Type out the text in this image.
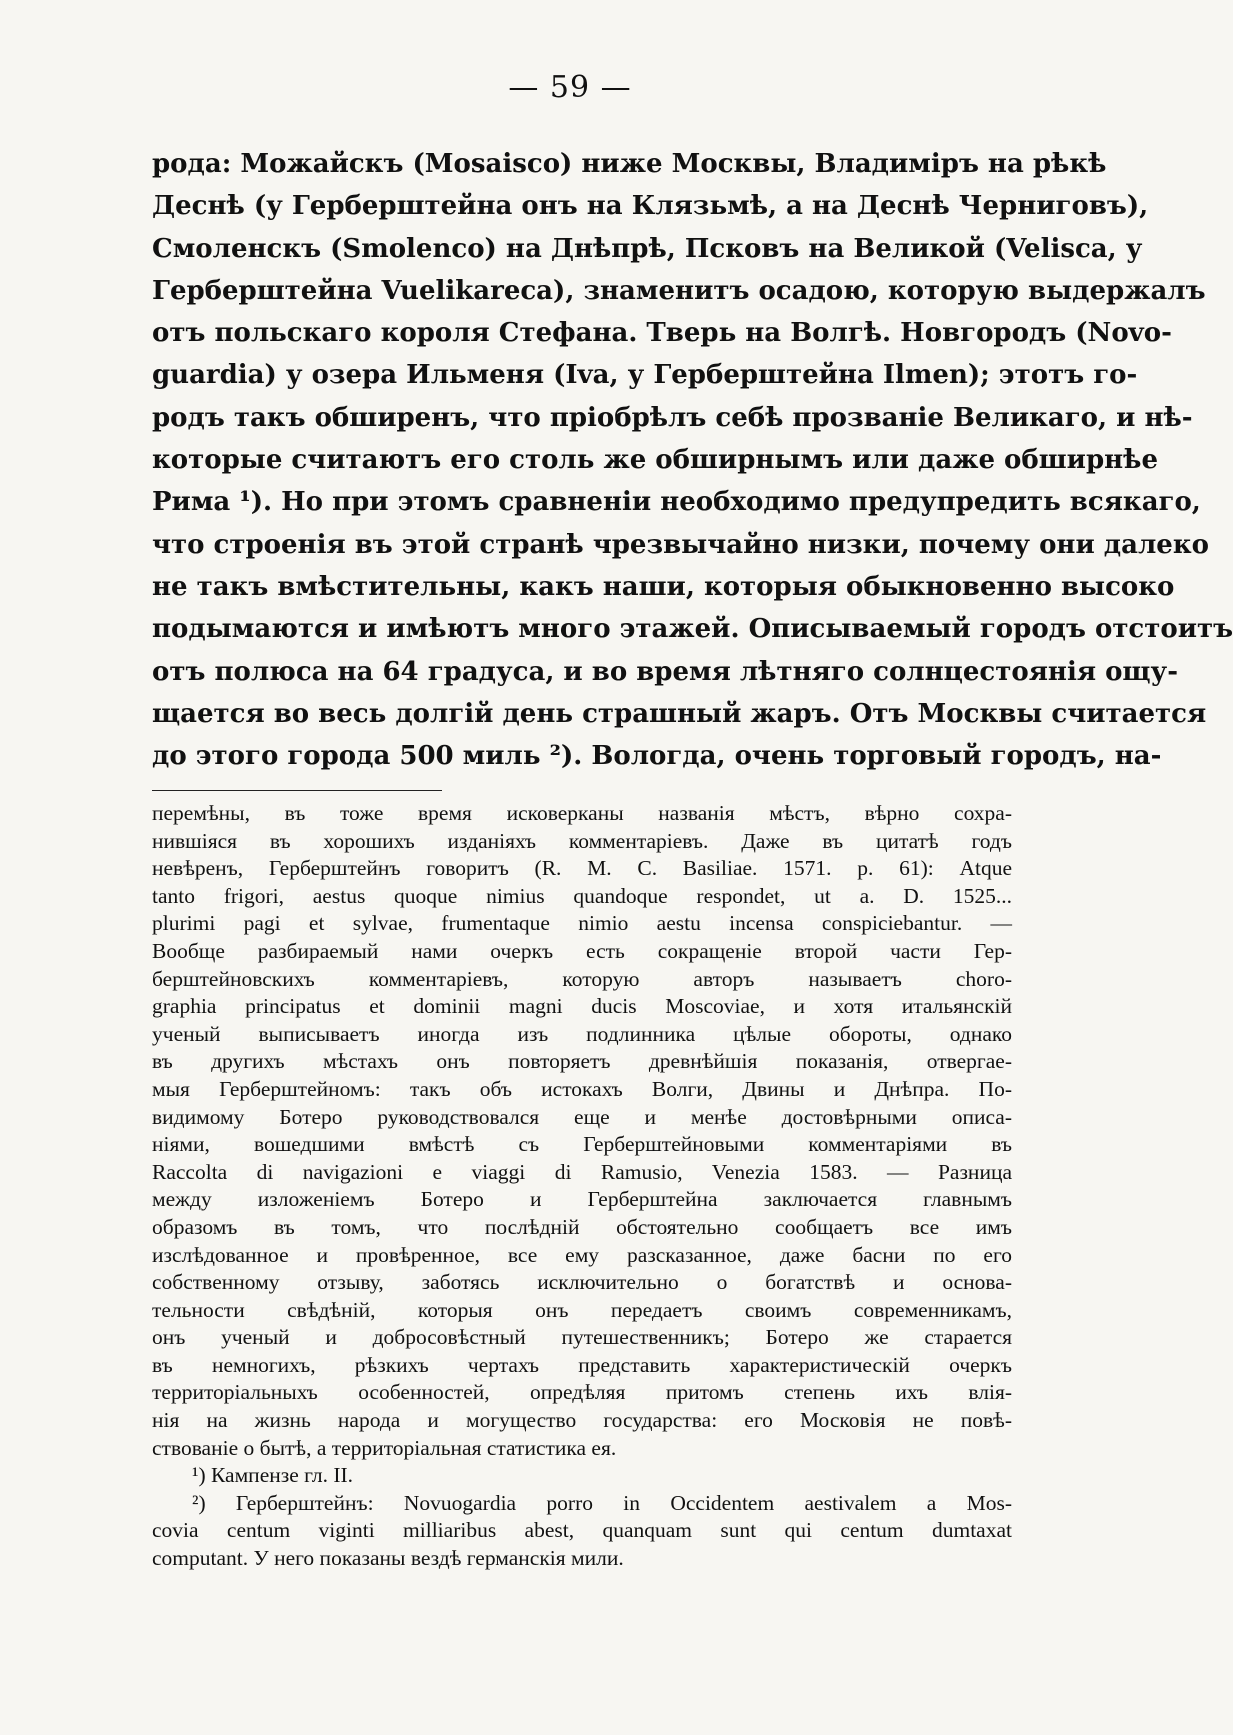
— 59 —
рода: Можайскъ (Mosaisco) ниже Москвы, Владиміръ на рѣкѣ
Деснѣ (у Герберштейна онъ на Клязьмѣ, а на Деснѣ Черниговъ),
Смоленскъ (Smolenco) на Днѣпрѣ, Псковъ на Великой (Velisca, у
Герберштейна Vuelikareca), знаменитъ осадою, которую выдержалъ
отъ польскаго короля Стефана. Тверь на Волгѣ. Новгородъ (Novo-
guardia) у озера Ильменя (Iva, у Герберштейна Ilmen); этотъ го-
родъ такъ обширенъ, что пріобрѣлъ себѣ прозваніе Великаго, и нѣ-
которые считаютъ его столь же обширнымъ или даже обширнѣе
Рима ¹). Но при этомъ сравненіи необходимо предупредить всякаго,
что строенія въ этой странѣ чрезвычайно низки, почему они далеко
не такъ вмѣстительны, какъ наши, которыя обыкновенно высоко
подымаются и имѣютъ много этажей. Описываемый городъ отстоитъ
отъ полюса на 64 градуса, и во время лѣтняго солнцестоянія ощу-
щается во весь долгій день страшный жаръ. Отъ Москвы считается
до этого города 500 миль ²). Вологда, очень торговый городъ, на-
перемѣны, въ тоже время исковерканы названія мѣстъ, вѣрно сохра-
нившіяся въ хорошихъ изданіяхъ комментаріевъ. Даже въ цитатѣ годъ
невѣренъ, Герберштейнъ говоритъ (R. M. C. Basiliae. 1571. p. 61): Atque
tanto frigori, aestus quoque nimius quandoque respondet, ut a. D. 1525...
plurimi pagi et sylvae, frumentaque nimio aestu incensa conspiciebantur. —
Вообще разбираемый нами очеркъ есть сокращеніе второй части Гер-
берштейновскихъ комментаріевъ, которую авторъ называетъ choro-
graphia principatus et dominii magni ducis Moscoviae, и хотя итальянскій
ученый выписываетъ иногда изъ подлинника цѣлые обороты, однако
въ другихъ мѣстахъ онъ повторяетъ древнѣйшія показанія, отвергае-
мыя Герберштейномъ: такъ объ истокахъ Волги, Двины и Днѣпра. По-
видимому Ботеро руководствовался еще и менѣе достовѣрными описа-
ніями, вошедшими вмѣстѣ съ Герберштейновыми комментаріями въ
Raccolta di navigazioni e viaggi di Ramusio, Venezia 1583. — Разница
между изложеніемъ Ботеро и Герберштейна заключается главнымъ
образомъ въ томъ, что послѣдній обстоятельно сообщаетъ все имъ
изслѣдованное и провѣренное, все ему разсказанное, даже басни по его
собственному отзыву, заботясь исключительно о богатствѣ и основа-
тельности свѣдѣній, которыя онъ передаетъ своимъ современникамъ,
онъ ученый и добросовѣстный путешественникъ; Ботеро же старается
въ немногихъ, рѣзкихъ чертахъ представить характеристическій очеркъ
территоріальныхъ особенностей, опредѣляя притомъ степень ихъ влія-
нія на жизнь народа и могущество государства: его Московія не повѣ-
ствованіе о бытѣ, а территоріальная статистика ея.
¹) Кампензе гл. II.
²) Герберштейнъ: Novuogardia porro in Occidentem aestivalem a Mos-
covia centum viginti milliaribus abest, quanquam sunt qui centum dumtaxat
computant. У него показаны вездѣ германскія мили.
